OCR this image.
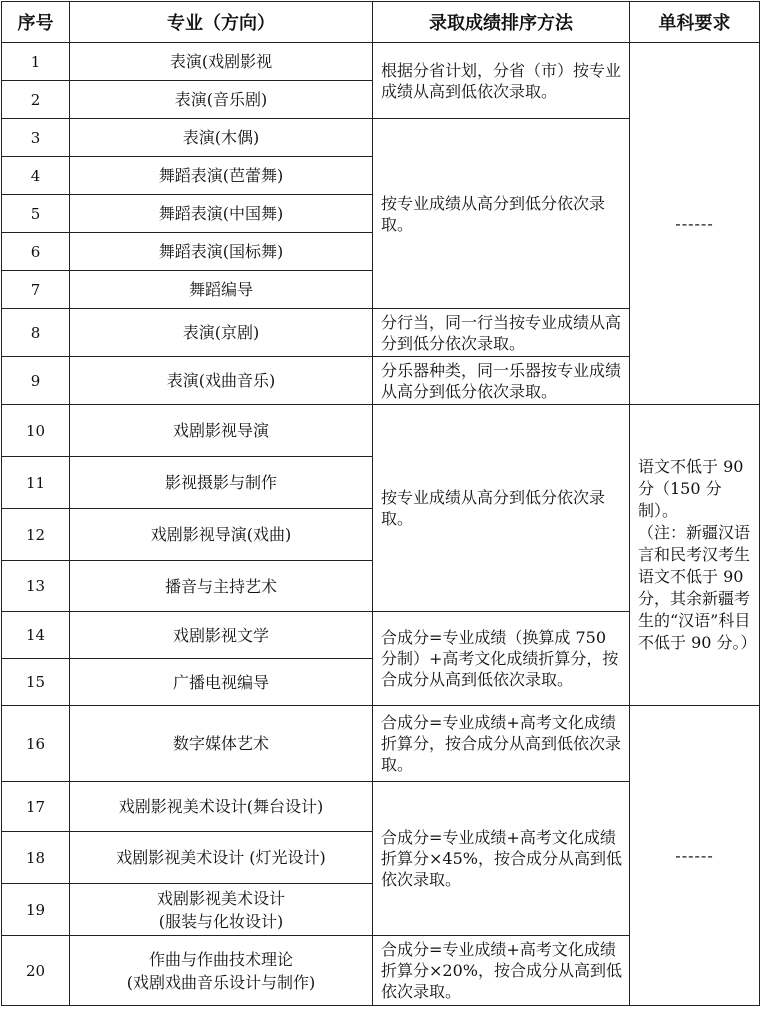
序号	专业（方向）	录取成绩排序方法	单科要求
1	表演(戏剧影视	根据分省计划，分省（市）按专业成绩从高到低依次录取。	------
2	表演(音乐剧)		
3	表演(木偶)	按专业成绩从高分到低分依次录取。	
4	舞蹈表演(芭蕾舞)		
5	舞蹈表演(中国舞)		
6	舞蹈表演(国标舞)		
7	舞蹈编导		
8	表演(京剧)	分行当，同一行当按专业成绩从高分到低分依次录取。	
9	表演(戏曲音乐)	分乐器种类，同一乐器按专业成绩从高分到低分依次录取。	
10	戏剧影视导演	按专业成绩从高分到低分依次录取。	语文不低于 90 分（150 分制）。
（注：新疆汉语言和民考汉考生语文不低于 90 分，其余新疆考生的“汉语”科目不低于 90 分。）
11	影视摄影与制作		
12	戏剧影视导演(戏曲)		
13	播音与主持艺术		
14	戏剧影视文学	合成分=专业成绩（换算成 750 分制）+高考文化成绩折算分，按合成分从高到低依次录取。	
15	广播电视编导		
16	数字媒体艺术	合成分=专业成绩+高考文化成绩折算分，按合成分从高到低依次录取。	------
17	戏剧影视美术设计(舞台设计)	合成分=专业成绩+高考文化成绩折算分×45%，按合成分从高到低依次录取。	
18	戏剧影视美术设计 (灯光设计)		
19	戏剧影视美术设计
(服装与化妆设计)		
20	作曲与作曲技术理论
(戏剧戏曲音乐设计与制作)	合成分=专业成绩+高考文化成绩折算分×20%，按合成分从高到低依次录取。	
